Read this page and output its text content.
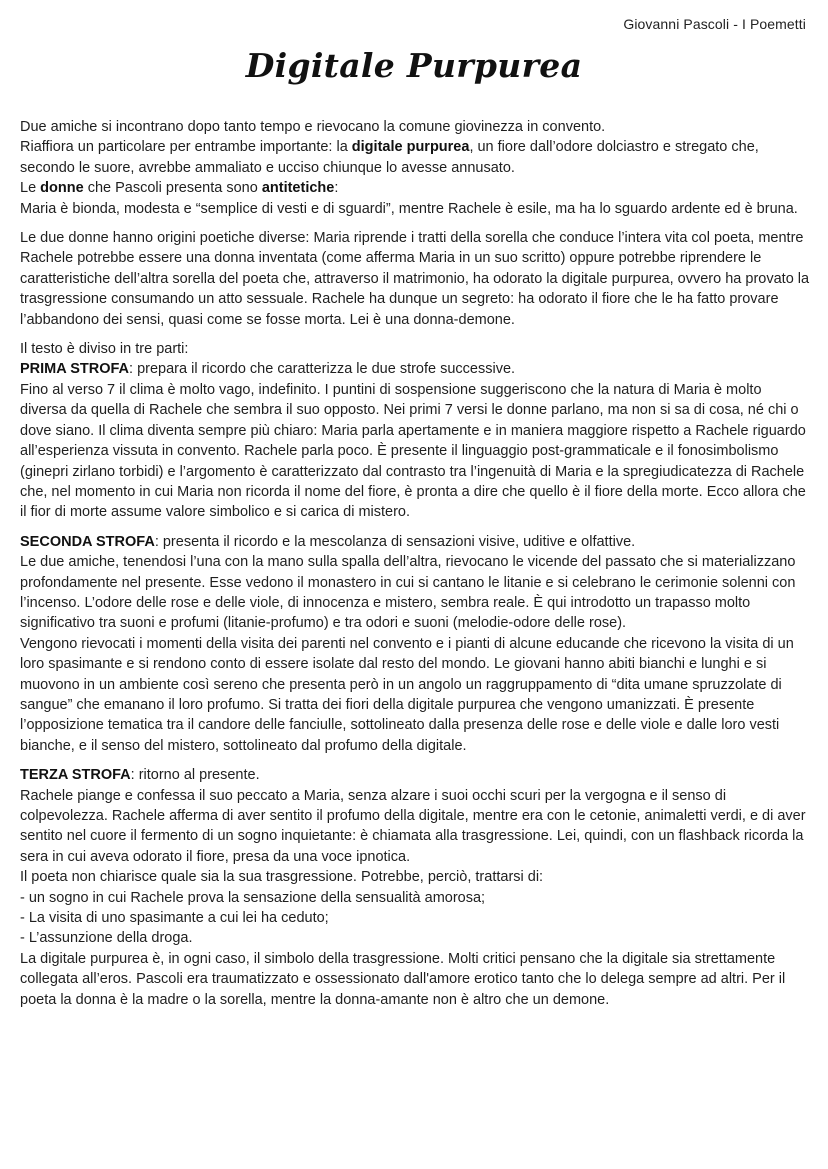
Giovanni Pascoli - I Poemetti
Digitale Purpurea

Due amiche si incontrano dopo tanto tempo e rievocano la comune giovinezza in convento.

Riaffiora un particolare per entrambe importante: la digitale purpurea, un fiore dall’odore dolciastro e stregato che, secondo le suore, avrebbe ammaliato e ucciso chiunque lo avesse annusato.

Le donne che Pascoli presenta sono antitetiche:

Maria è bionda, modesta e “semplice di vesti e di sguardi”, mentre Rachele è esile, ma ha lo sguardo ardente ed è bruna.

Le due donne hanno origini poetiche diverse: Maria riprende i tratti della sorella che conduce l’intera vita col poeta, mentre Rachele potrebbe essere una donna inventata (come afferma Maria in un suo scritto) oppure potrebbe riprendere le caratteristiche dell’altra sorella del poeta che, attraverso il matrimonio, ha odorato la digitale purpurea, ovvero ha provato la trasgressione consumando un atto sessuale. Rachele ha dunque un segreto: ha odorato il fiore che le ha fatto provare l’abbandono dei sensi, quasi come se fosse morta. Lei è una donna-demone.

Il testo è diviso in tre parti:

PRIMA STROFA: prepara il ricordo che caratterizza le due strofe successive.

Fino al verso 7 il clima è molto vago, indefinito. I puntini di sospensione suggeriscono che la natura di Maria è molto diversa da quella di Rachele che sembra il suo opposto. Nei primi 7 versi le donne parlano, ma non si sa di cosa, né chi o dove siano. Il clima diventa sempre più chiaro: Maria parla apertamente e in maniera maggiore rispetto a Rachele riguardo all’esperienza vissuta in convento. Rachele parla poco. È presente il linguaggio post-grammaticale e il fonosimbolismo (ginepri zirlano torbidi) e l’argomento è caratterizzato dal contrasto tra l’ingenuità di Maria e la spregiudicatezza di Rachele che, nel momento in cui Maria non ricorda il nome del fiore, è pronta a dire che quello è il fiore della morte. Ecco allora che il fior di morte assume valore simbolico e si carica di mistero.

SECONDA STROFA: presenta il ricordo e la mescolanza di sensazioni visive, uditive e olfattive.

Le due amiche, tenendosi l’una con la mano sulla spalla dell’altra, rievocano le vicende del passato che si materializzano profondamente nel presente. Esse vedono il monastero in cui si cantano le litanie e si celebrano le cerimonie solenni con l’incenso. L’odore delle rose e delle viole, di innocenza e mistero, sembra reale. È qui introdotto un trapasso molto significativo tra suoni e profumi (litanie-profumo) e tra odori e suoni (melodie-odore delle rose).

Vengono rievocati i momenti della visita dei parenti nel convento e i pianti di alcune educande che ricevono la visita di un loro spasimante e si rendono conto di essere isolate dal resto del mondo. Le giovani hanno abiti bianchi e lunghi e si muovono in un ambiente così sereno che presenta però in un angolo un raggruppamento di “dita umane spruzzolate di sangue” che emanano il loro profumo. Si tratta dei fiori della digitale purpurea che vengono umanizzati. È presente l’opposizione tematica tra il candore delle fanciulle, sottolineato dalla presenza delle rose e delle viole e dalle loro vesti bianche, e il senso del mistero, sottolineato dal profumo della digitale.

TERZA STROFA: ritorno al presente.

Rachele piange e confessa il suo peccato a Maria, senza alzare i suoi occhi scuri per la vergogna e il senso di colpevolezza. Rachele afferma di aver sentito il profumo della digitale, mentre era con le cetonie, animaletti verdi, e di aver sentito nel cuore il fermento di un sogno inquietante: è chiamata alla trasgressione. Lei, quindi, con un flashback ricorda la sera in cui aveva odorato il fiore, presa da una voce ipnotica.

Il poeta non chiarisce quale sia la sua trasgressione. Potrebbe, perciò, trattarsi di:

- un sogno in cui Rachele prova la sensazione della sensualità amorosa;

- La visita di uno spasimante a cui lei ha ceduto;

- L’assunzione della droga.

La digitale purpurea è, in ogni caso, il simbolo della trasgressione. Molti critici pensano che la digitale sia strettamente collegata all’eros. Pascoli era traumatizzato e ossessionato dall'amore erotico tanto che lo delega sempre ad altri. Per il poeta la donna è la madre o la sorella, mentre la donna-amante non è altro che un demone.
